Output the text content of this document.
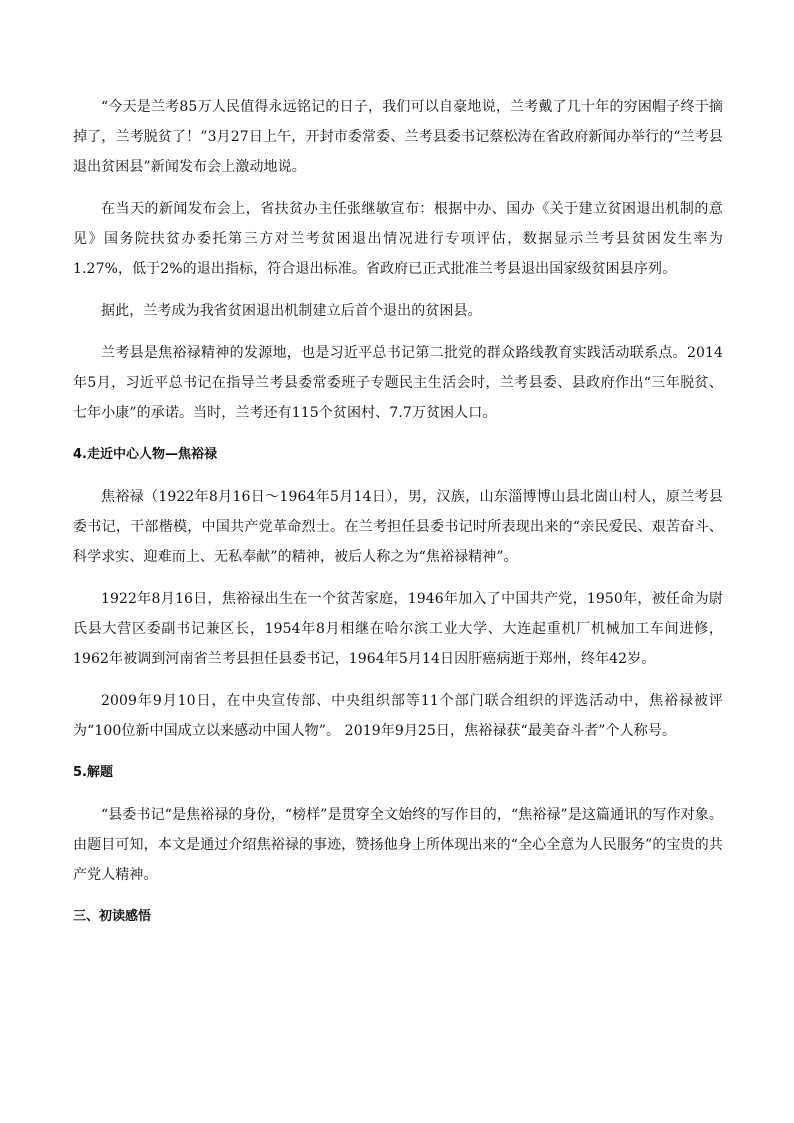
“今天是兰考85万人民值得永远铭记的日子，我们可以自豪地说，兰考戴了几十年的穷困帽子终于摘掉了，兰考脱贫了！”3月27日上午，开封市委常委、兰考县委书记蔡松涛在省政府新闻办举行的“兰考县退出贫困县”新闻发布会上激动地说。

在当天的新闻发布会上，省扶贫办主任张继敏宣布：根据中办、国办《关于建立贫困退出机制的意见》国务院扶贫办委托第三方对兰考贫困退出情况进行专项评估，数据显示兰考县贫困发生率为1.27%，低于2%的退出指标，符合退出标准。省政府已正式批准兰考县退出国家级贫困县序列。

据此，兰考成为我省贫困退出机制建立后首个退出的贫困县。

兰考县是焦裕禄精神的发源地，也是习近平总书记第二批党的群众路线教育实践活动联系点。2014年5月，习近平总书记在指导兰考县委常委班子专题民主生活会时，兰考县委、县政府作出“三年脱贫、七年小康”的承诺。当时，兰考还有115个贫困村、7.7万贫困人口。

4.走近中心人物—焦裕禄

焦裕禄（1922年8月16日～1964年5月14日），男，汉族，山东淄博博山县北崮山村人，原兰考县委书记，干部楷模，中国共产党革命烈士。在兰考担任县委书记时所表现出来的“亲民爱民、艰苦奋斗、科学求实、迎难而上、无私奉献”的精神，被后人称之为“焦裕禄精神”。

1922年8月16日，焦裕禄出生在一个贫苦家庭，1946年加入了中国共产党，1950年，被任命为尉氏县大营区委副书记兼区长，1954年8月相继在哈尔滨工业大学、大连起重机厂机械加工车间进修，1962年被调到河南省兰考县担任县委书记，1964年5月14日因肝癌病逝于郑州，终年42岁。

2009年9月10日，在中央宣传部、中央组织部等11个部门联合组织的评选活动中，焦裕禄被评为“100位新中国成立以来感动中国人物”。 2019年9月25日，焦裕禄获“最美奋斗者”个人称号。

5.解题

“县委书记“是焦裕禄的身份，“榜样”是贯穿全文始终的写作目的，“焦裕禄”是这篇通讯的写作对象。由题目可知，本文是通过介绍焦裕禄的事迹，赞扬他身上所体现出来的“全心全意为人民服务”的宝贵的共产党人精神。

三、初读感悟
